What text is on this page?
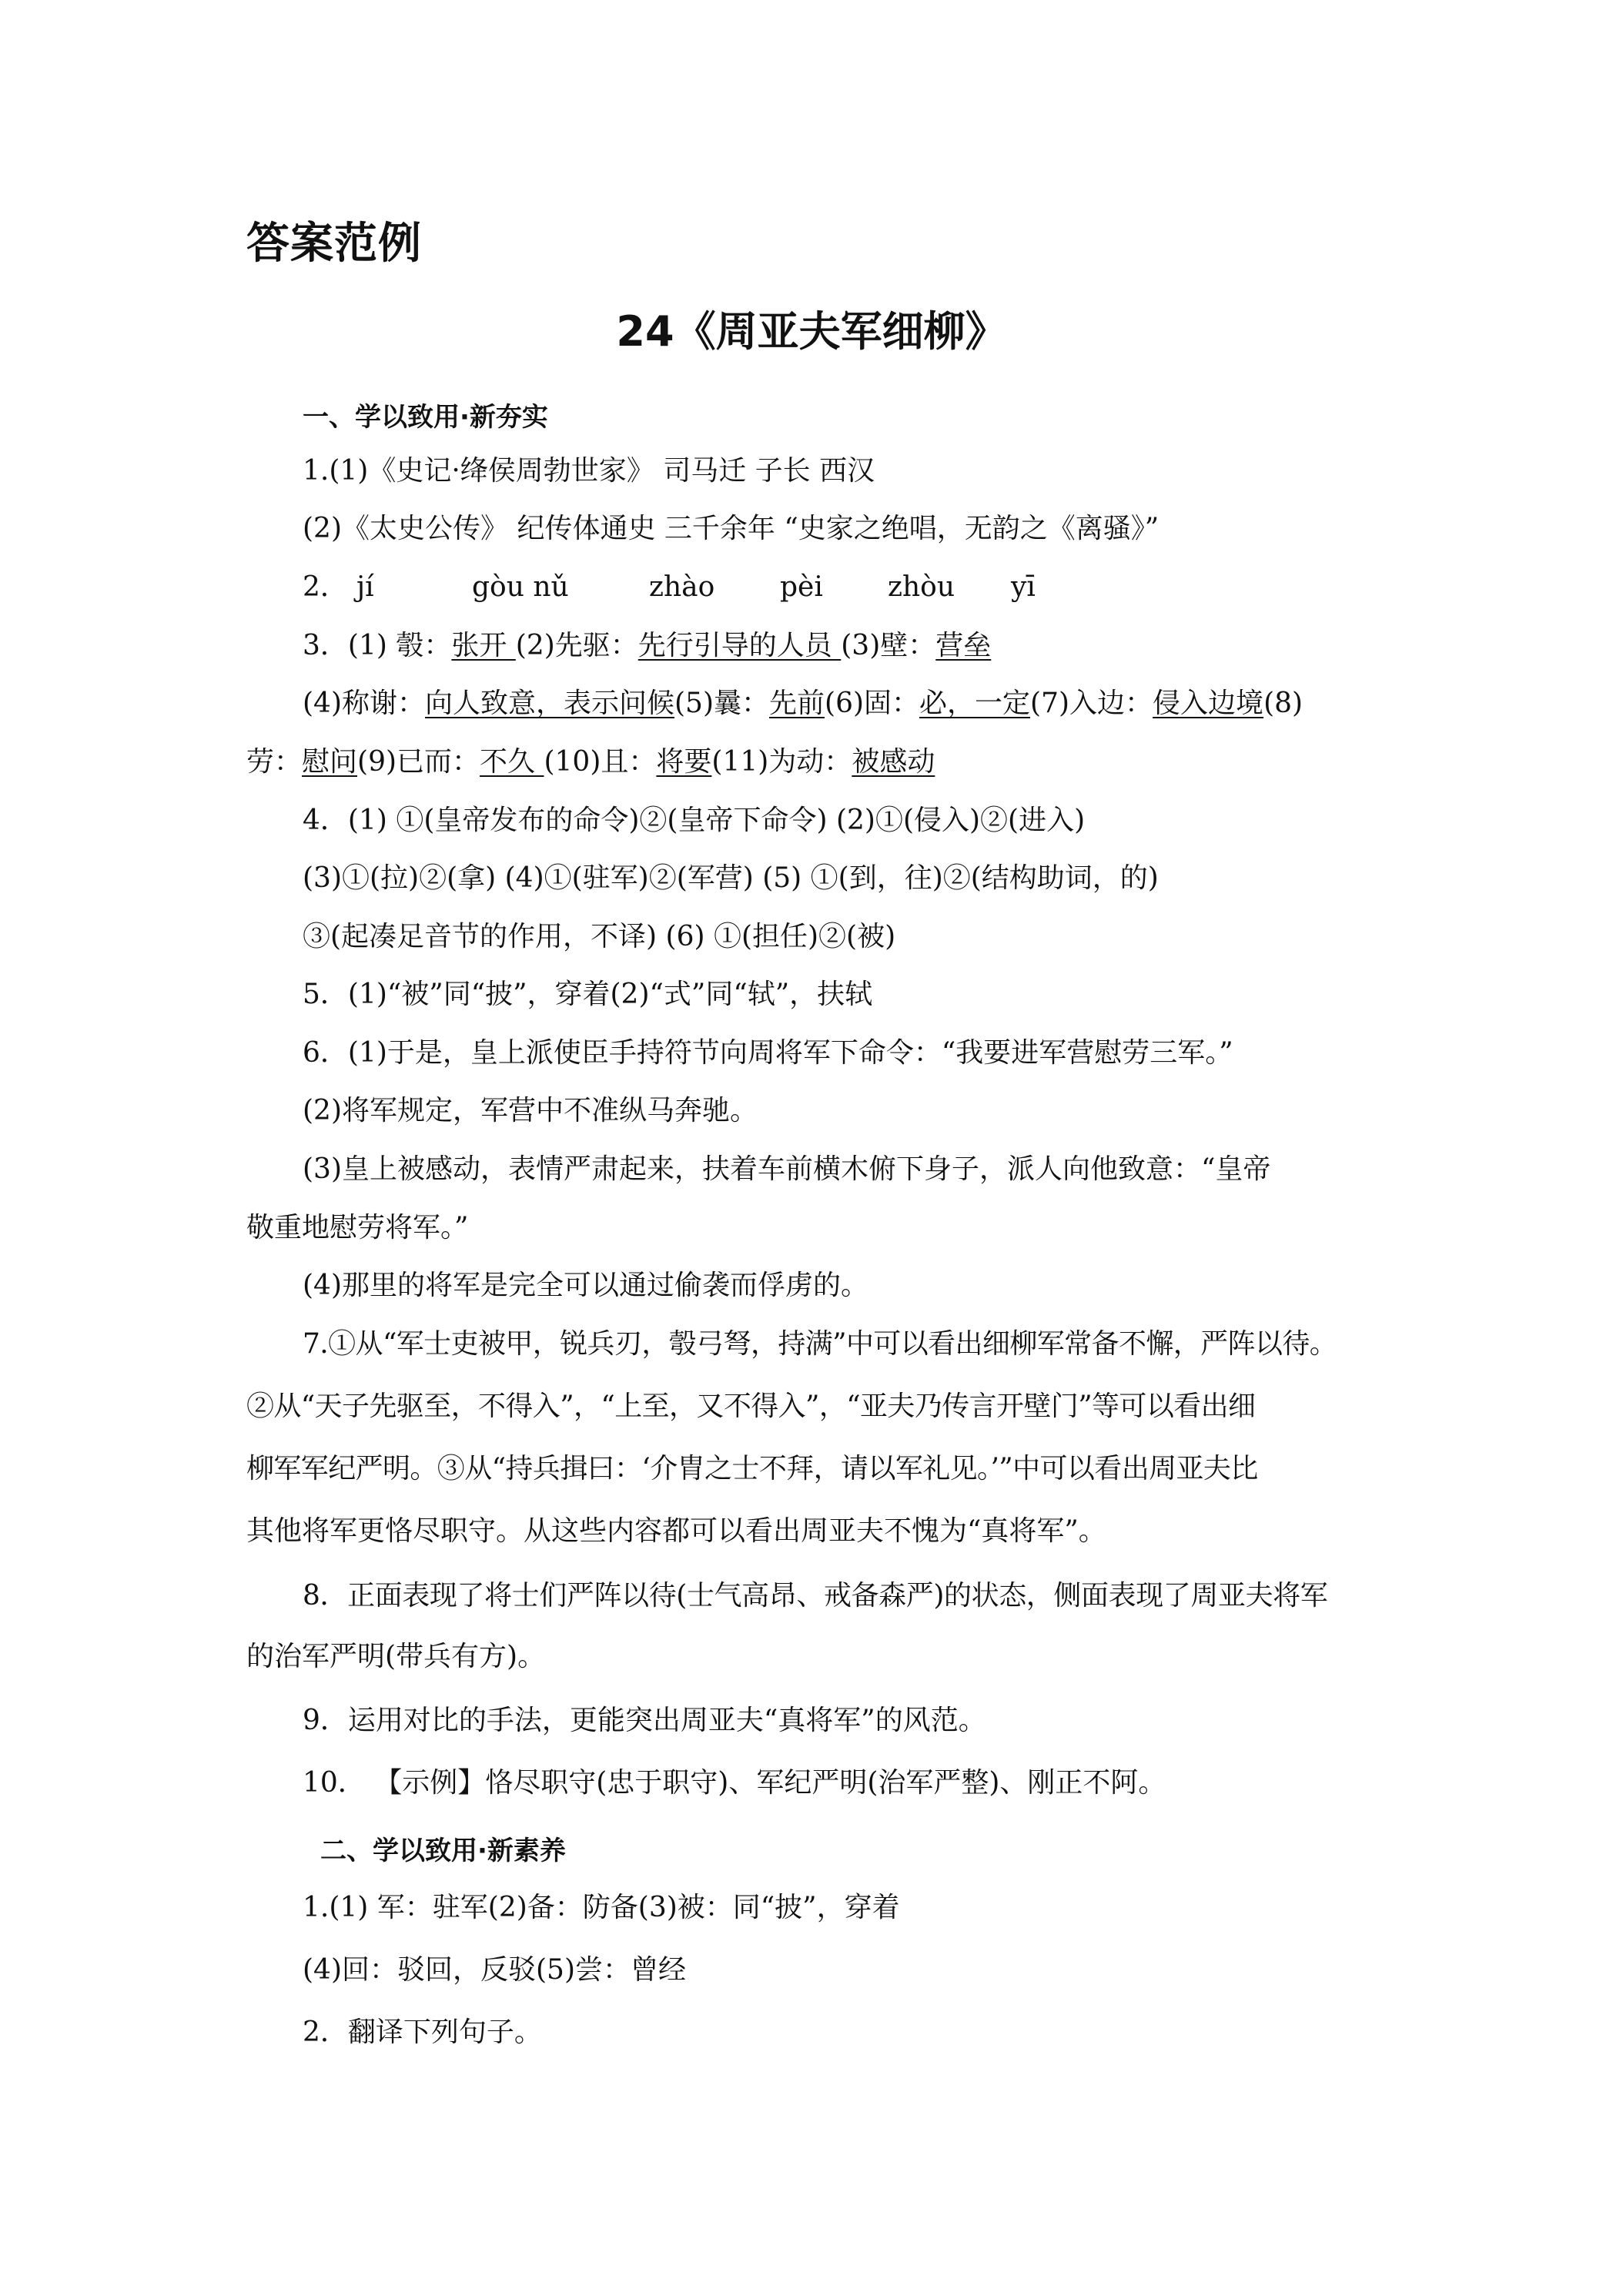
答案范例
24《周亚夫军细柳》
一、学以致用·新夯实
1.(1)《史记·绛侯周勃世家》 司马迁 子长 西汉
(2)《太史公传》 纪传体通史 三千余年 “史家之绝唱，无韵之《离骚》”
2． jí	gòu nǔ	zhào pèi zhòu yī
3．(1) 彀：张开 (2)先驱：先行引导的人员 (3)壁：营垒
(4)称谢：向人致意，表示问候(5)曩：先前(6)固：必，一定(7)入边：侵入边境(8)
劳：慰问(9)已而：不久 (10)且：将要(11)为动：被感动
4．(1) ①(皇帝发布的命令)②(皇帝下命令) (2)①(侵入)②(进入)
(3)①(拉)②(拿) (4)①(驻军)②(军营) (5) ①(到，往)②(结构助词，的)
③(起凑足音节的作用，不译) (6) ①(担任)②(被)
5．(1)“被”同“披”，穿着(2)“式”同“轼”，扶轼
6．(1)于是，皇上派使臣手持符节向周将军下命令：“我要进军营慰劳三军。”
(2)将军规定，军营中不准纵马奔驰。
(3)皇上被感动，表情严肃起来，扶着车前横木俯下身子，派人向他致意：“皇帝
敬重地慰劳将军。”
(4)那里的将军是完全可以通过偷袭而俘虏的。
7.①从“军士吏被甲，锐兵刃，彀弓弩，持满”中可以看出细柳军常备不懈，严阵以待。
②从“天子先驱至，不得入”，“上至，又不得入”，“亚夫乃传言开壁门”等可以看出细
柳军军纪严明。③从“持兵揖曰：‘介胄之士不拜，请以军礼见。’”中可以看出周亚夫比
其他将军更恪尽职守。从这些内容都可以看出周亚夫不愧为“真将军”。
8．正面表现了将士们严阵以待(士气高昂、戒备森严)的状态，侧面表现了周亚夫将军
的治军严明(带兵有方)。
9．运用对比的手法，更能突出周亚夫“真将军”的风范。
10． 【示例】恪尽职守(忠于职守)、军纪严明(治军严整)、刚正不阿。
二、学以致用·新素养
1.(1) 军：驻军(2)备：防备(3)被：同“披”，穿着
(4)回：驳回，反驳(5)尝：曾经
2．翻译下列句子。
